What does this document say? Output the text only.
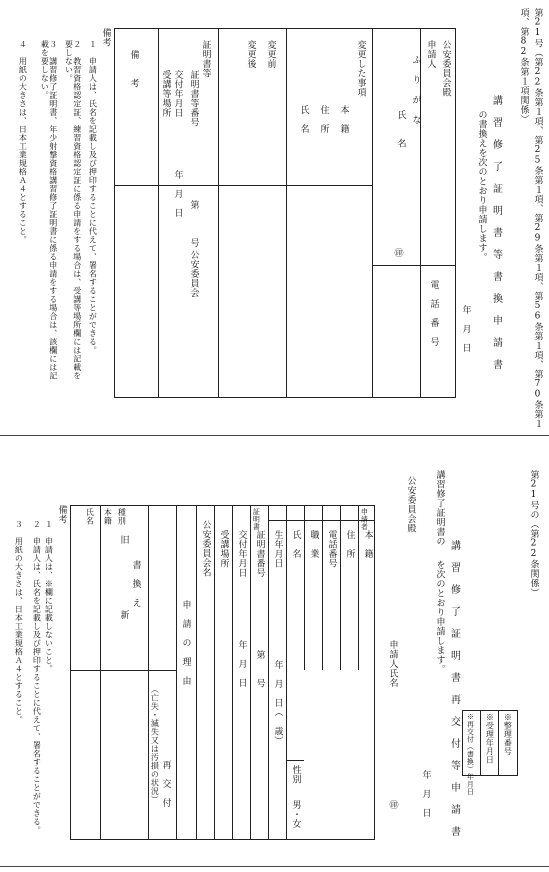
第21号（第22条第１項、第25条第１項、第29条第１項、第56条第１項、第70条第１
項、第82条第１項関係）
講 習 修 了 証 明 書 等 書 換 申 請 書
の書換えを次のとおり申請します。
年　月　日
公安委員会殿
申請人
ふ り が な
氏　　名
㊞
電　話　番　号
変更した事項
本　籍
住　所
氏　名
変更前
変更後
証明書等
証明書等番号
交付年月日
受講等場所
第　　　号
公安委員会
年　月　日
備　　考
備考
１　申請人は、氏名を記載し及び押印することに代えて、署名することができる。
２　教習資格認定証、練習資格認定証に係る申請をする場合は、受講等場所欄には記載を要しない。
３　講習修了証明書、年少射撃資格講習修了証明書に係る申請をする場合は、該欄には記載を要しない。
４　用紙の大きさは、日本工業規格Ａ４とすること。
第21号の（第22条関係）
※整理番号
※受理年月日
※再交付（書換）年月日
講 習 修 了 証 明 書 再 交 付 等 申 請 書
を次のとおり申請します。
講習修了証明書の
年　月　日
公安委員会殿
申請人氏名
㊞
本　籍
住　所
電話番号
職　業
氏　名
生年月日
証明書番号
交付年月日
受講場所
公安委員会名
申請者
証明書
性別
男・女
年　月　日（　歳）
第　　号
年　月　日
申　請　の　理　由
再　交　付
（亡失・滅失又は汚損の状況）
書　換　え
旧
新
種別
本籍
氏名
備考
１　申請人は、※欄に記載しないこと。
２　申請人は、氏名を記載し及び押印することに代えて、署名することができる。
３　用紙の大きさは、日本工業規格Ａ４とすること。
